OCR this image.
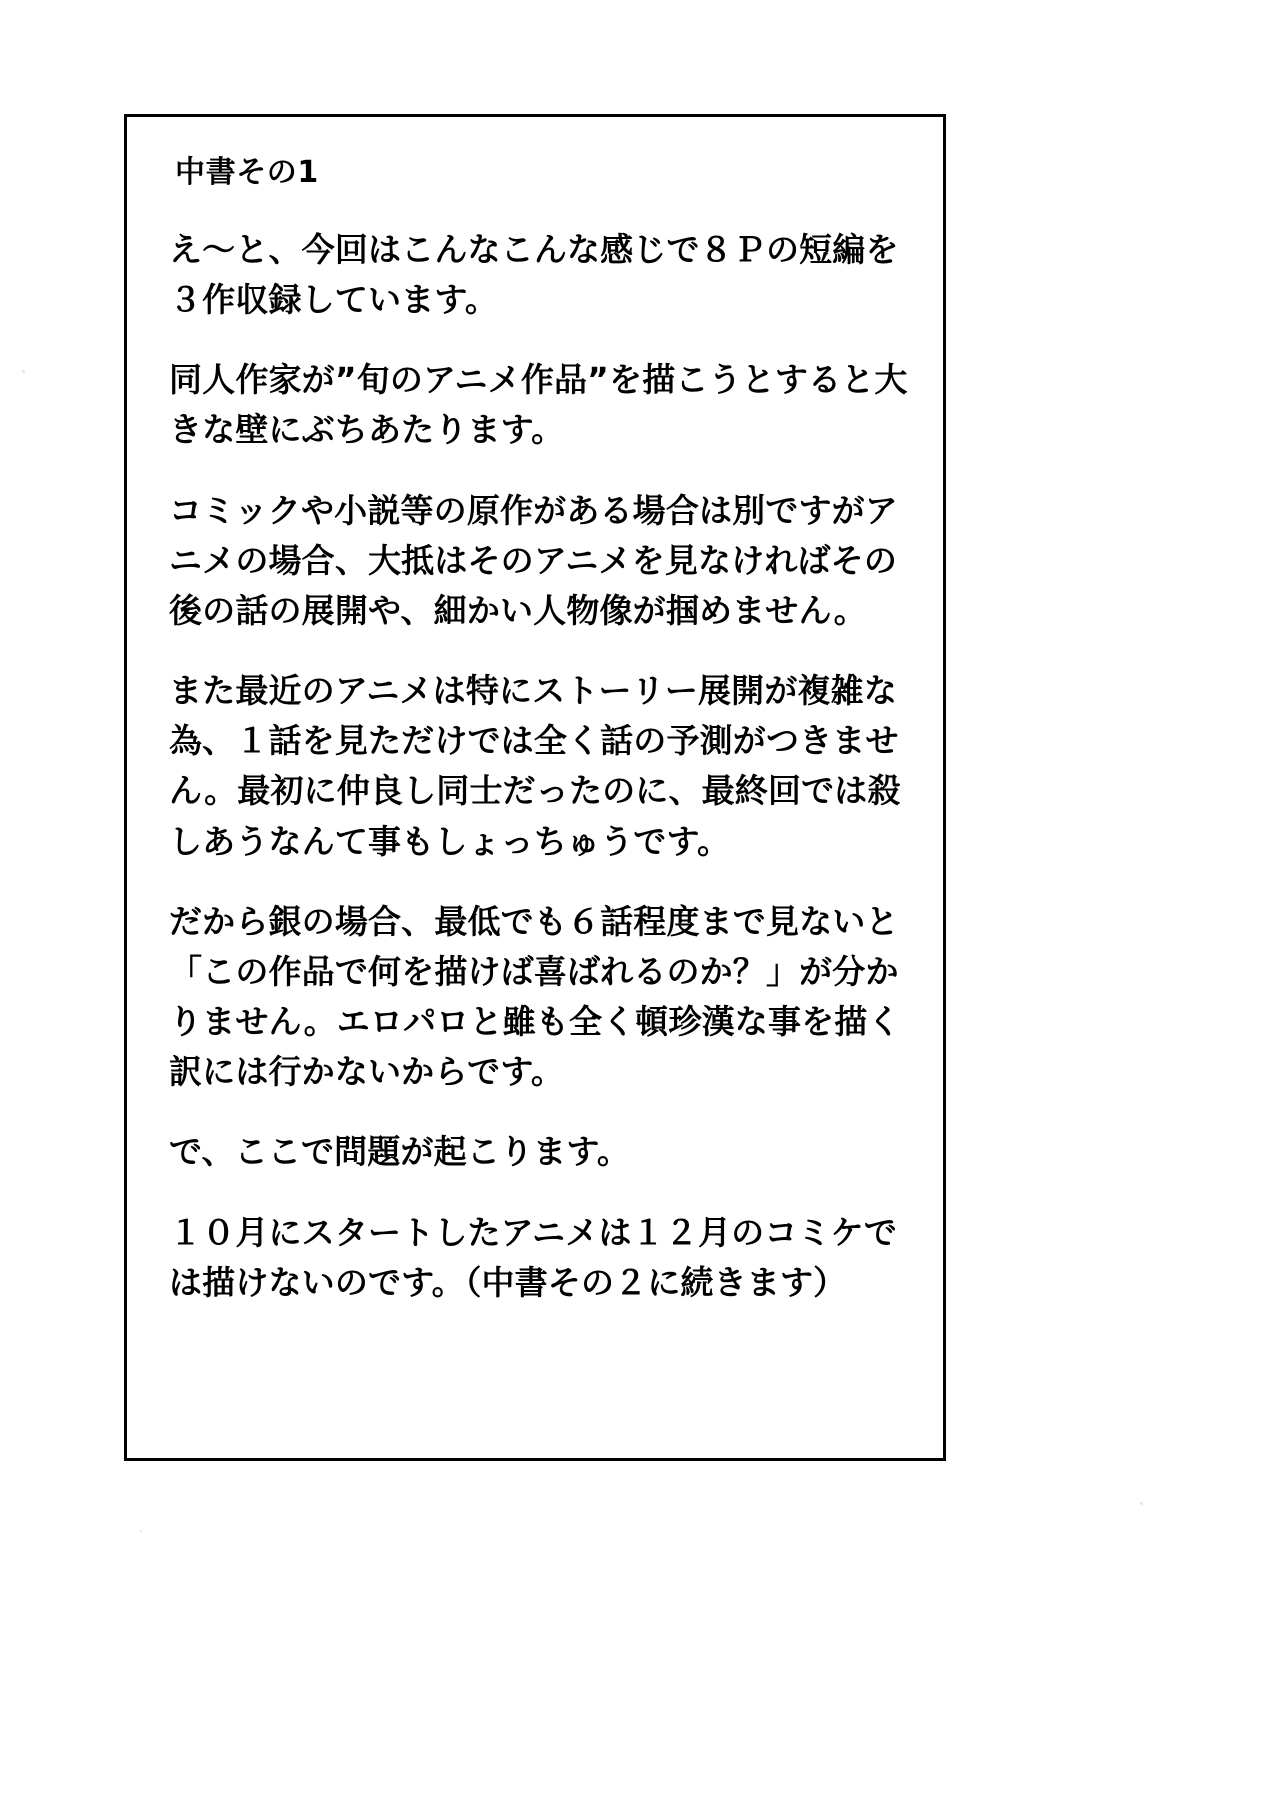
中書その1

え〜と、今回はこんなこんな感じで８Ｐの短編を３作収録しています。

同人作家が”旬のアニメ作品”を描こうとすると大きな壁にぶちあたります。

コミックや小説等の原作がある場合は別ですがアニメの場合、大抵はそのアニメを見なければその後の話の展開や、細かい人物像が掴めません。

また最近のアニメは特にストーリー展開が複雑な為、１話を見ただけでは全く話の予測がつきません。最初に仲良し同士だったのに、最終回では殺しあうなんて事もしょっちゅうです。

だから銀の場合、最低でも６話程度まで見ないと「この作品で何を描けば喜ばれるのか？」が分かりません。エロパロと雖も全く頓珍漢な事を描く訳には行かないからです。

で、ここで問題が起こります。

１０月にスタートしたアニメは１２月のコミケでは描けないのです。（中書その２に続きます）
